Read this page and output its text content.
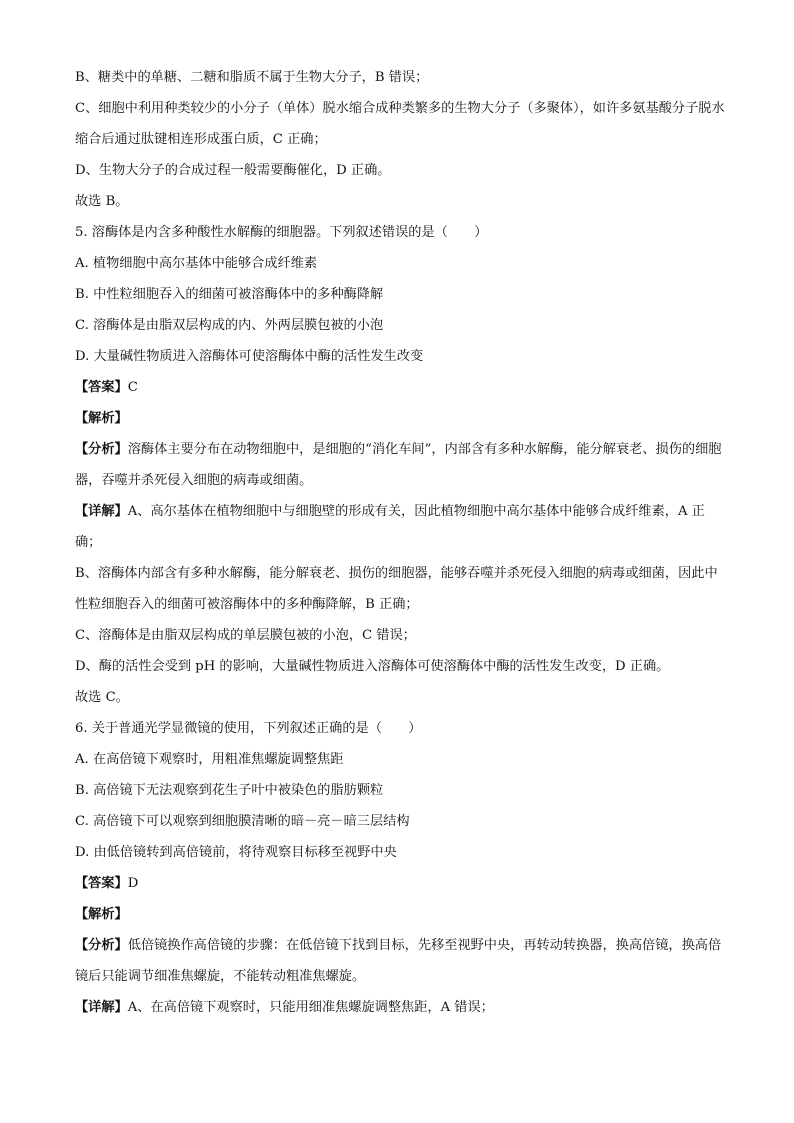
B、糖类中的单糖、二糖和脂质不属于生物大分子，B 错误；

C、细胞中利用种类较少的小分子（单体）脱水缩合成种类繁多的生物大分子（多聚体），如许多氨基酸分子脱水缩合后通过肽键相连形成蛋白质，C 正确；

D、生物大分子的合成过程一般需要酶催化，D 正确。

故选 B。

5. 溶酶体是内含多种酸性水解酶的细胞器。下列叙述错误的是（　　）

A. 植物细胞中高尔基体中能够合成纤维素

B. 中性粒细胞吞入的细菌可被溶酶体中的多种酶降解

C. 溶酶体是由脂双层构成的内、外两层膜包被的小泡

D. 大量碱性物质进入溶酶体可使溶酶体中酶的活性发生改变

【答案】C

【解析】

【分析】溶酶体主要分布在动物细胞中，是细胞的“消化车间”，内部含有多种水解酶，能分解衰老、损伤的细胞器，吞噬并杀死侵入细胞的病毒或细菌。

【详解】A、高尔基体在植物细胞中与细胞壁的形成有关，因此植物细胞中高尔基体中能够合成纤维素，A 正确；

B、溶酶体内部含有多种水解酶，能分解衰老、损伤的细胞器，能够吞噬并杀死侵入细胞的病毒或细菌，因此中性粒细胞吞入的细菌可被溶酶体中的多种酶降解，B 正确；

C、溶酶体是由脂双层构成的单层膜包被的小泡，C 错误；

D、酶的活性会受到 pH 的影响，大量碱性物质进入溶酶体可使溶酶体中酶的活性发生改变，D 正确。

故选 C。

6. 关于普通光学显微镜的使用，下列叙述正确的是（　　）

A. 在高倍镜下观察时，用粗准焦螺旋调整焦距

B. 高倍镜下无法观察到花生子叶中被染色的脂肪颗粒

C. 高倍镜下可以观察到细胞膜清晰的暗－亮－暗三层结构

D. 由低倍镜转到高倍镜前，将待观察目标移至视野中央

【答案】D

【解析】

【分析】低倍镜换作高倍镜的步骤：在低倍镜下找到目标，先移至视野中央，再转动转换器，换高倍镜，换高倍镜后只能调节细准焦螺旋，不能转动粗准焦螺旋。

【详解】A、在高倍镜下观察时，只能用细准焦螺旋调整焦距，A 错误；
